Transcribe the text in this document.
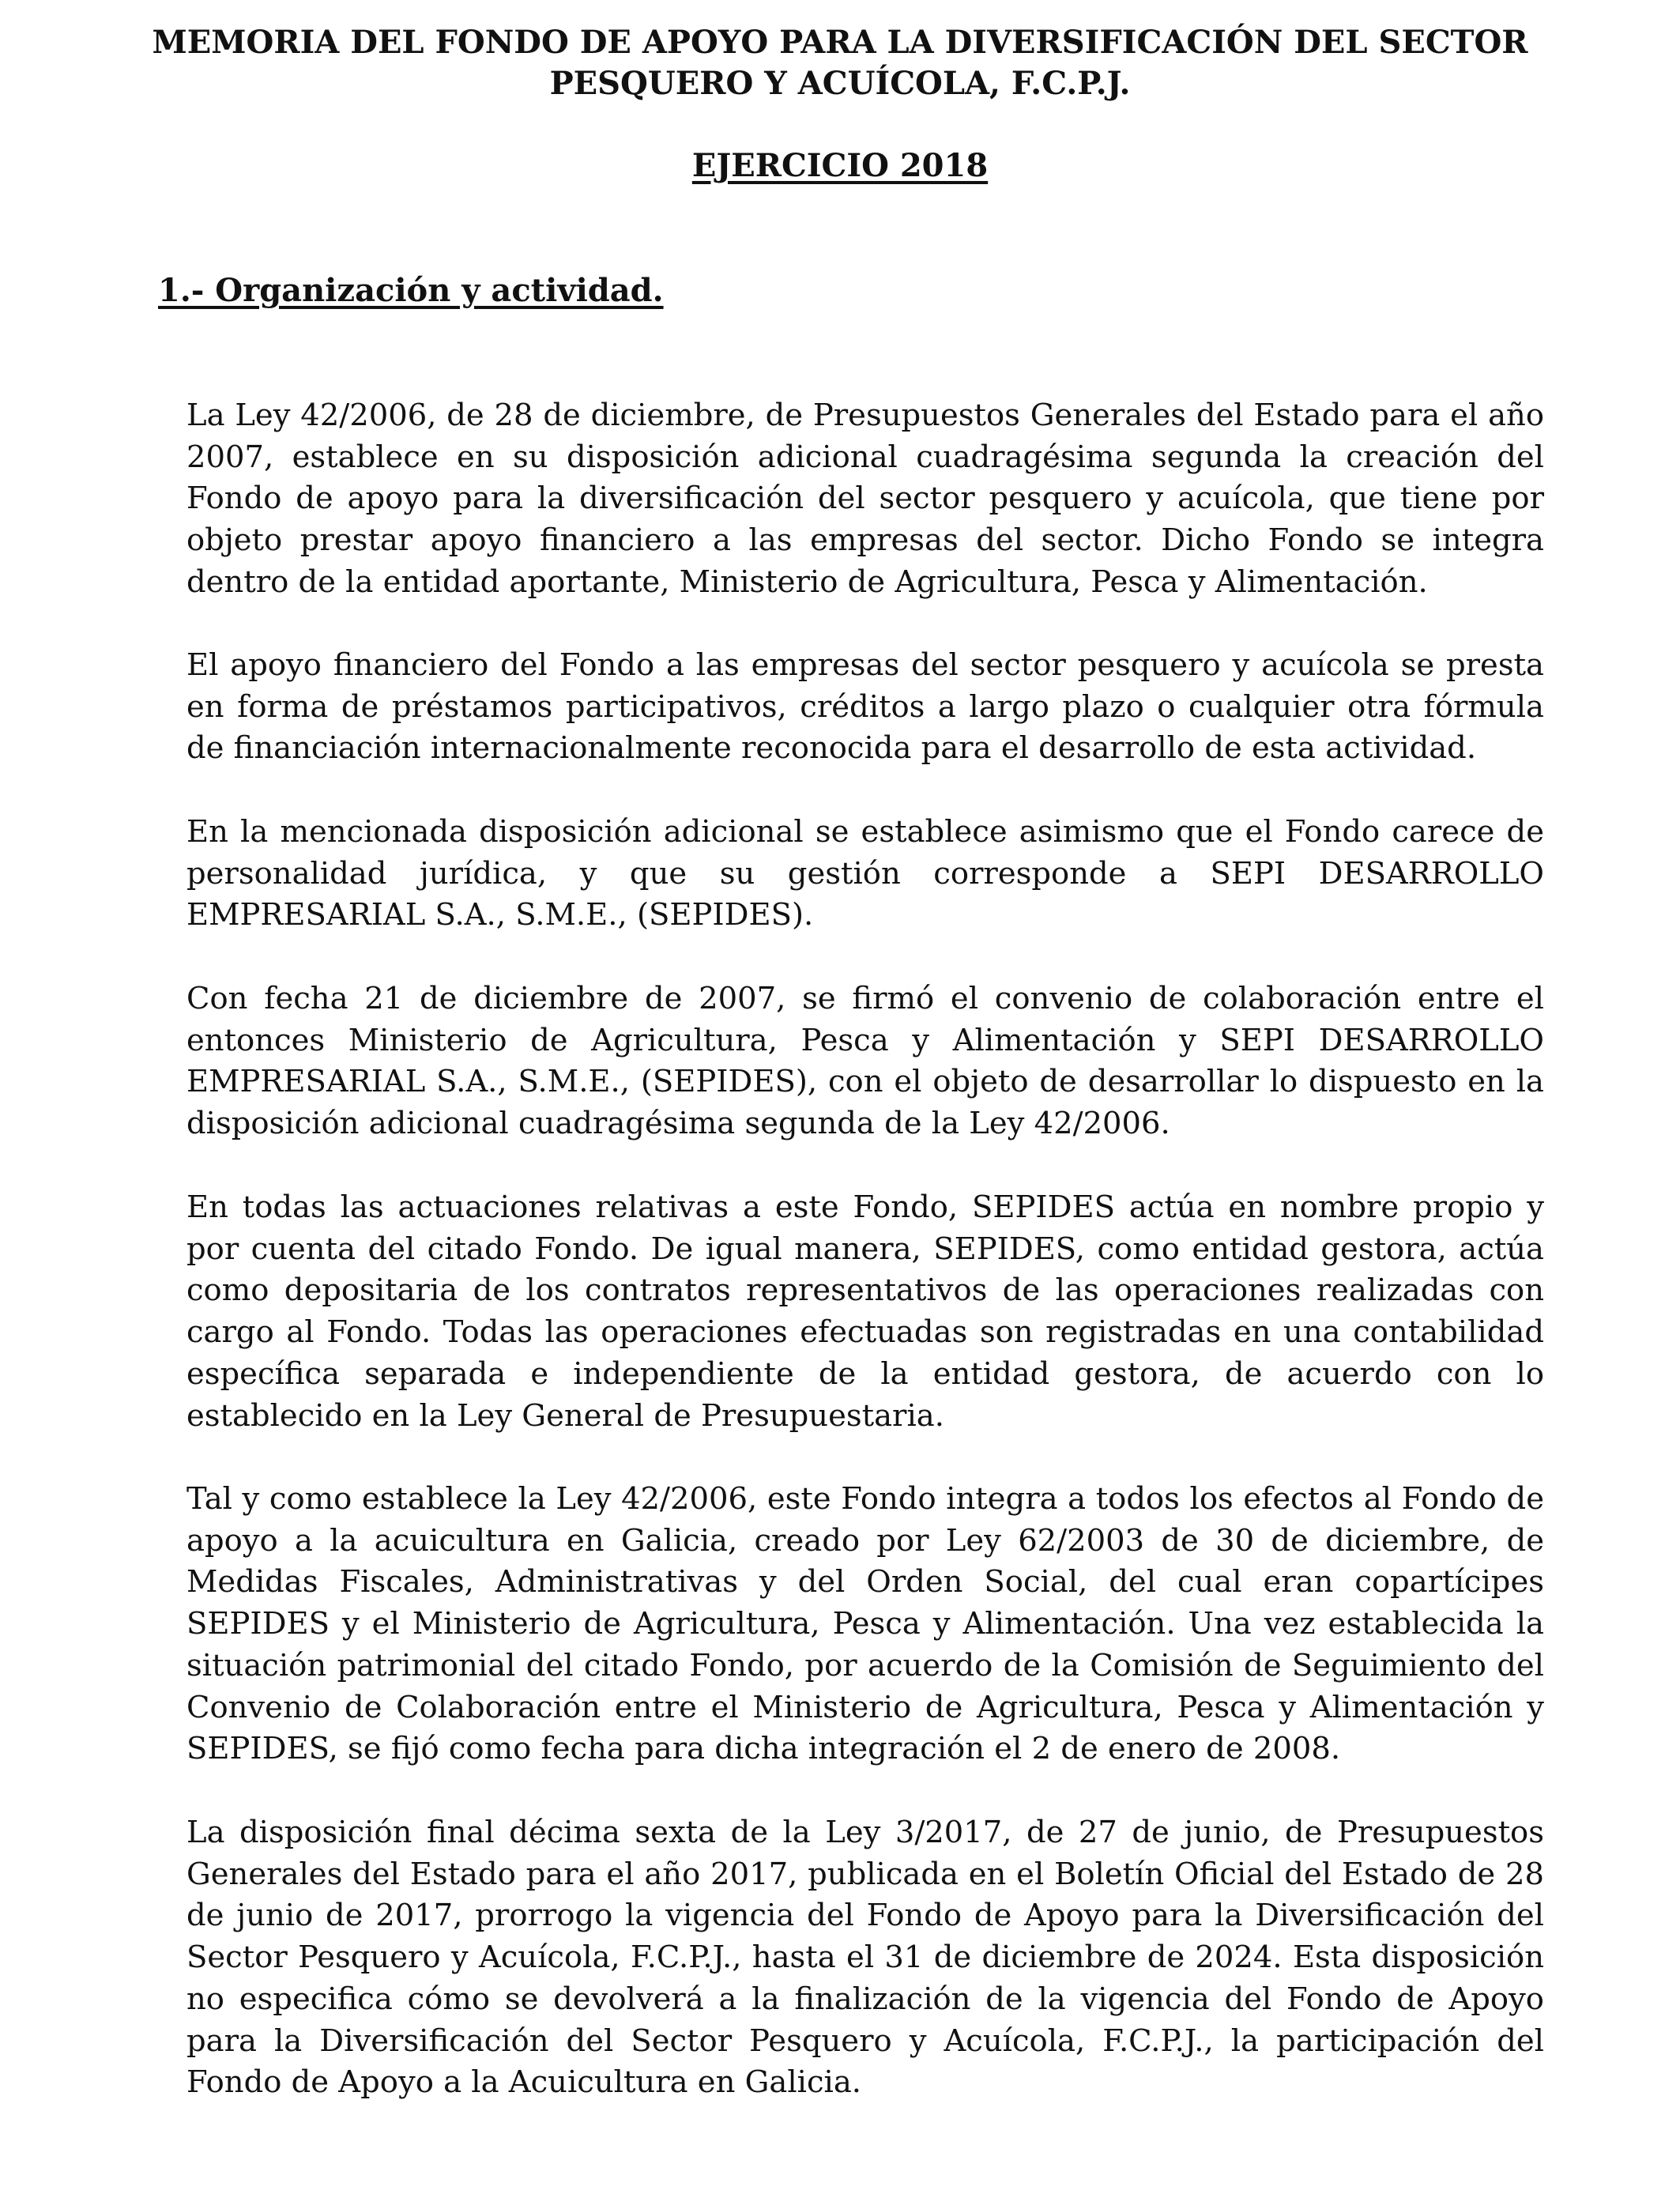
MEMORIA DEL FONDO DE APOYO PARA LA DIVERSIFICACIÓN DEL SECTOR PESQUERO Y ACUÍCOLA, F.C.P.J.
EJERCICIO 2018
1.- Organización y actividad.

La Ley 42/2006, de 28 de diciembre, de Presupuestos Generales del Estado para el año 2007, establece en su disposición adicional cuadragésima segunda la creación del Fondo de apoyo para la diversificación del sector pesquero y acuícola, que tiene por objeto prestar apoyo financiero a las empresas del sector. Dicho Fondo se integra dentro de la entidad aportante, Ministerio de Agricultura, Pesca y Alimentación.

El apoyo financiero del Fondo a las empresas del sector pesquero y acuícola se presta en forma de préstamos participativos, créditos a largo plazo o cualquier otra fórmula de financiación internacionalmente reconocida para el desarrollo de esta actividad.

En la mencionada disposición adicional se establece asimismo que el Fondo carece de personalidad jurídica, y que su gestión corresponde a SEPI DESARROLLO EMPRESARIAL S.A., S.M.E., (SEPIDES).

Con fecha 21 de diciembre de 2007, se firmó el convenio de colaboración entre el entonces Ministerio de Agricultura, Pesca y Alimentación y SEPI DESARROLLO EMPRESARIAL S.A., S.M.E., (SEPIDES), con el objeto de desarrollar lo dispuesto en la disposición adicional cuadragésima segunda de la Ley 42/2006.

En todas las actuaciones relativas a este Fondo, SEPIDES actúa en nombre propio y por cuenta del citado Fondo. De igual manera, SEPIDES, como entidad gestora, actúa como depositaria de los contratos representativos de las operaciones realizadas con cargo al Fondo. Todas las operaciones efectuadas son registradas en una contabilidad específica separada e independiente de la entidad gestora, de acuerdo con lo establecido en la Ley General de Presupuestaria.

Tal y como establece la Ley 42/2006, este Fondo integra a todos los efectos al Fondo de apoyo a la acuicultura en Galicia, creado por Ley 62/2003 de 30 de diciembre, de Medidas Fiscales, Administrativas y del Orden Social, del cual eran copartícipes SEPIDES y el Ministerio de Agricultura, Pesca y Alimentación. Una vez establecida la situación patrimonial del citado Fondo, por acuerdo de la Comisión de Seguimiento del Convenio de Colaboración entre el Ministerio de Agricultura, Pesca y Alimentación y SEPIDES, se fijó como fecha para dicha integración el 2 de enero de 2008.

La disposición final décima sexta de la Ley 3/2017, de 27 de junio, de Presupuestos Generales del Estado para el año 2017, publicada en el Boletín Oficial del Estado de 28 de junio de 2017, prorrogo la vigencia del Fondo de Apoyo para la Diversificación del Sector Pesquero y Acuícola, F.C.P.J., hasta el 31 de diciembre de 2024. Esta disposición no especifica cómo se devolverá a la finalización de la vigencia del Fondo de Apoyo para la Diversificación del Sector Pesquero y Acuícola, F.C.P.J., la participación del Fondo de Apoyo a la Acuicultura en Galicia.
